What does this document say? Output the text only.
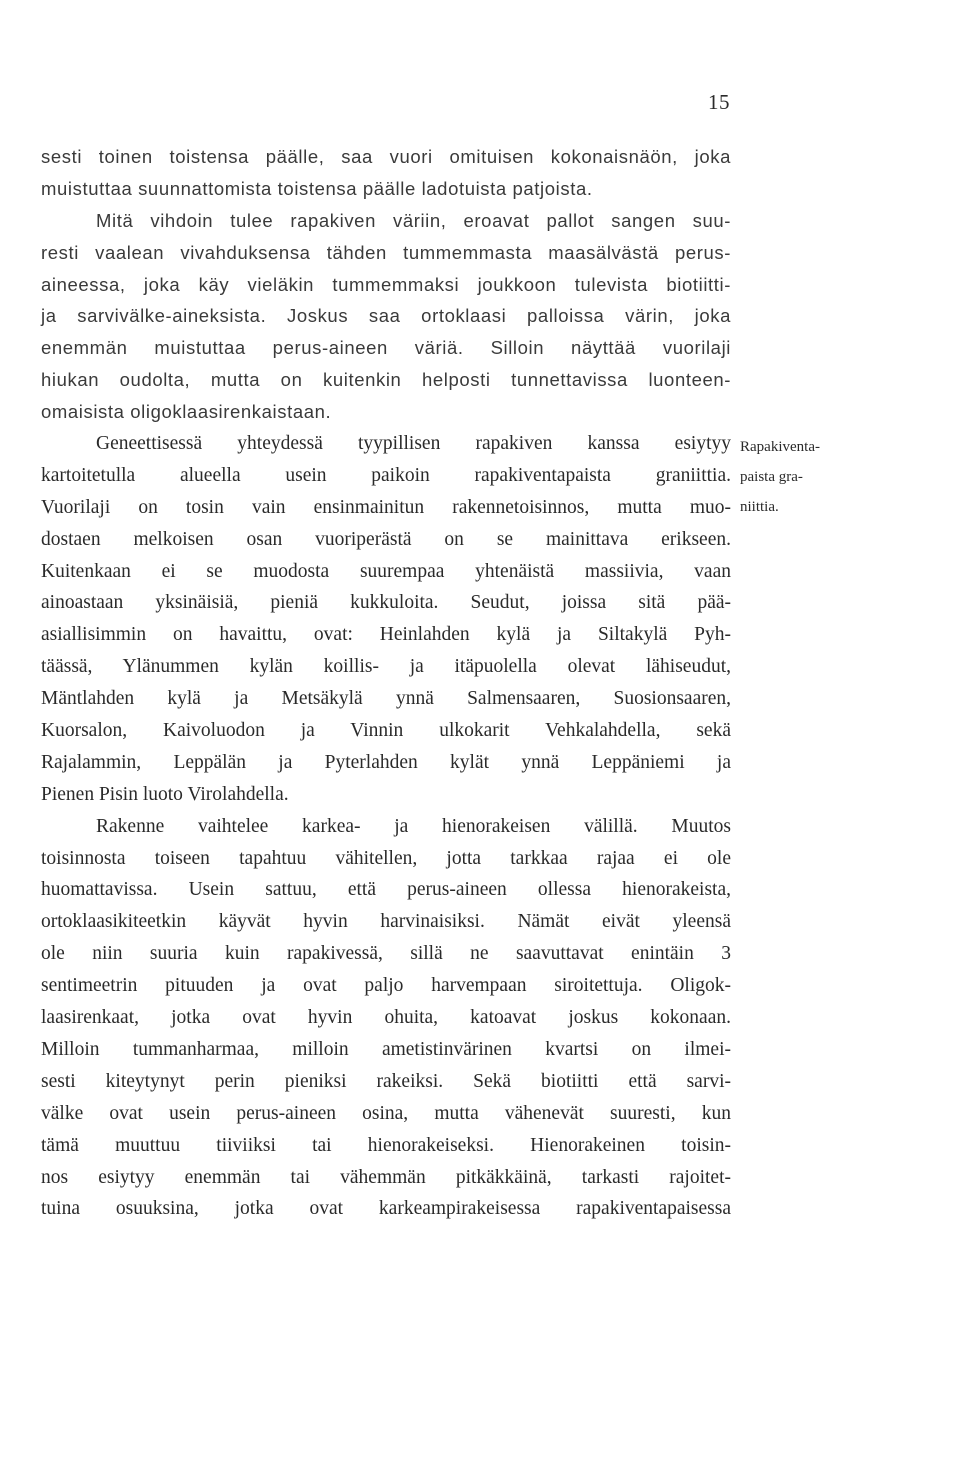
15
sesti toinen toistensa päälle, saa vuori omituisen kokonaisnäön, joka
muistuttaa suunnattomista toistensa päälle ladotuista patjoista.
Mitä vihdoin tulee rapakiven väriin, eroavat pallot sangen suu-
resti vaalean vivahduksensa tähden tummemmasta maasälvästä perus-
aineessa, joka käy vieläkin tummemmaksi joukkoon tulevista biotiitti-
ja sarvivälke-aineksista. Joskus saa ortoklaasi palloissa värin, joka
enemmän muistuttaa perus-aineen väriä. Silloin näyttää vuorilaji
hiukan oudolta, mutta on kuitenkin helposti tunnettavissa luonteen-
omaisista oligoklaasirenkaistaan.
Geneettisessä yhteydessä tyypillisen rapakiven kanssa esiytyy
kartoitetulla alueella usein paikoin rapakiventapaista graniittia.
Vuorilaji on tosin vain ensinmainitun rakennetoisinnos, mutta muo-
dostaen melkoisen osan vuoriperästä on se mainittava erikseen.
Kuitenkaan ei se muodosta suurempaa yhtenäistä massiivia, vaan
ainoastaan yksinäisiä, pieniä kukkuloita. Seudut, joissa sitä pää-
asiallisimmin on havaittu, ovat: Heinlahden kylä ja Siltakylä Pyh-
täässä, Ylänummen kylän koillis- ja itäpuolella olevat lähiseudut,
Mäntlahden kylä ja Metsäkylä ynnä Salmensaaren, Suosionsaaren,
Kuorsalon, Kaivoluodon ja Vinnin ulkokarit Vehkalahdella, sekä
Rajalammin, Leppälän ja Pyterlahden kylät ynnä Leppäniemi ja
Pienen Pisin luoto Virolahdella.
Rakenne vaihtelee karkea- ja hienorakeisen välillä. Muutos
toisinnosta toiseen tapahtuu vähitellen, jotta tarkkaa rajaa ei ole
huomattavissa. Usein sattuu, että perus-aineen ollessa hienorakeista,
ortoklaasikiteetkin käyvät hyvin harvinaisiksi. Nämät eivät yleensä
ole niin suuria kuin rapakivessä, sillä ne saavuttavat enintäin 3
sentimeetrin pituuden ja ovat paljo harvempaan siroitettuja. Oligok-
laasirenkaat, jotka ovat hyvin ohuita, katoavat joskus kokonaan.
Milloin tummanharmaa, milloin ametistinvärinen kvartsi on ilmei-
sesti kiteytynyt perin pieniksi rakeiksi. Sekä biotiitti että sarvi-
välke ovat usein perus-aineen osina, mutta vähenevät suuresti, kun
tämä muuttuu tiiviiksi tai hienorakeiseksi. Hienorakeinen toisin-
nos esiytyy enemmän tai vähemmän pitkäkkäinä, tarkasti rajoitet-
tuina osuuksina, jotka ovat karkeampirakeisessa rapakiventapaisessa
Rapakiventa-
paista gra-
niittia.
